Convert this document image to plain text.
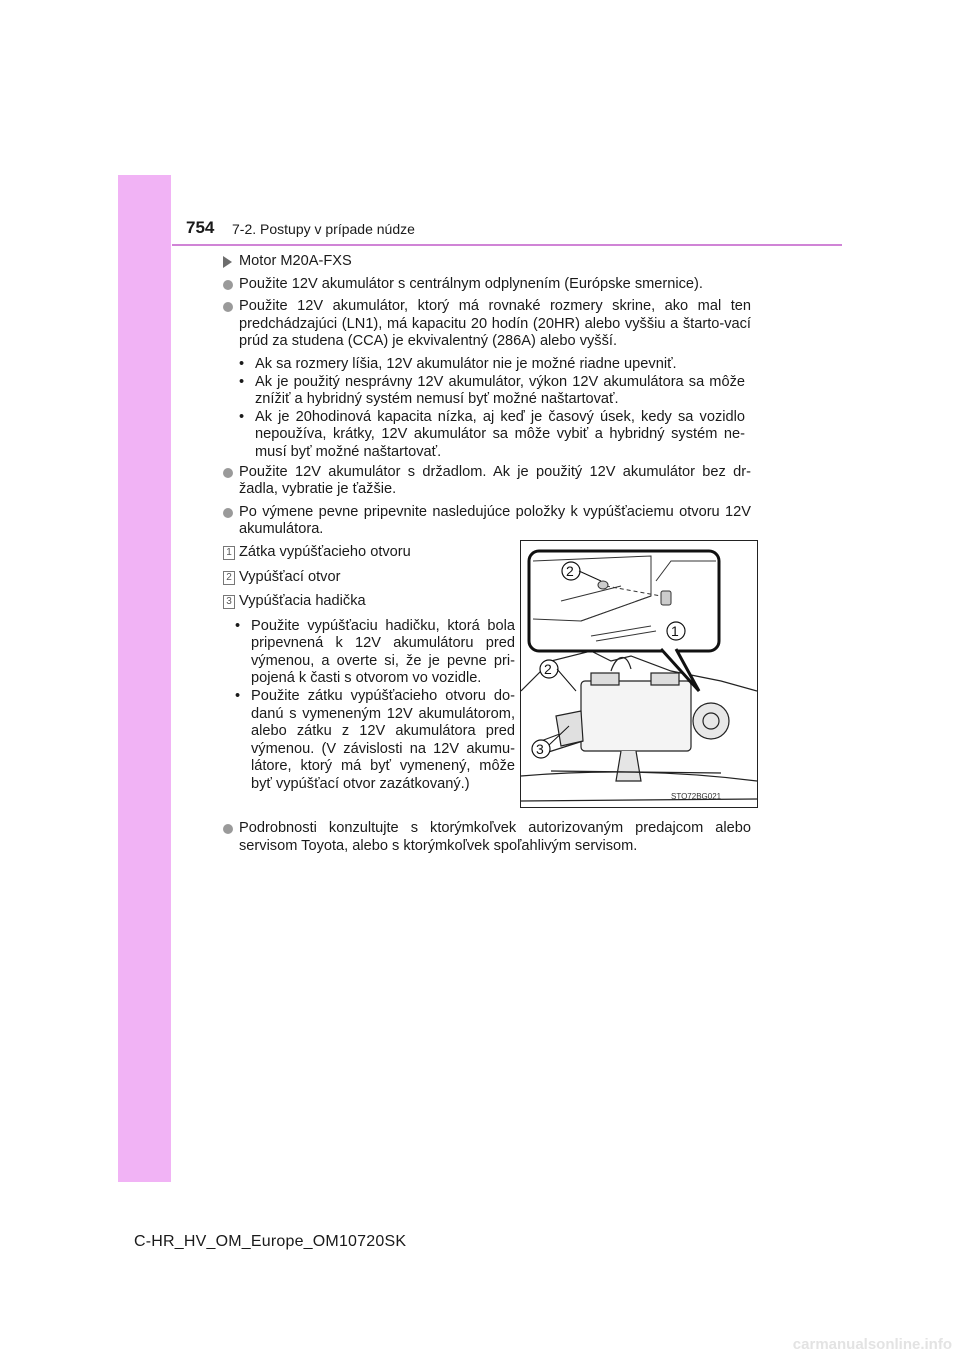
754 7-2. Postupy v prípade núdze
Motor M20A-FXS
Použite 12V akumulátor s centrálnym odplynením (Európske smernice).
Použite 12V akumulátor, ktorý má rovnaké rozmery skrine, ako mal ten predchádzajúci (LN1), má kapacitu 20 hodín (20HR) alebo vyššiu a štarto-vací prúd za studena (CCA) je ekvivalentný (286A) alebo vyšší.
• Ak sa rozmery líšia, 12V akumulátor nie je možné riadne upevniť.
• Ak je použitý nesprávny 12V akumulátor, výkon 12V akumulátora sa môže znížiť a hybridný systém nemusí byť možné naštartovať.
• Ak je 20hodinová kapacita nízka, aj keď je časový úsek, kedy sa vozidlo nepoužíva, krátky, 12V akumulátor sa môže vybiť a hybridný systém ne-musí byť možné naštartovať.
Použite 12V akumulátor s držadlom. Ak je použitý 12V akumulátor bez dr-žadla, vybratie je ťažšie.
Po výmene pevne pripevnite nasledujúce položky k vypúšťaciemu otvoru 12V akumulátora.
1 Zátka vypúšťacieho otvoru
2 Vypúšťací otvor
3 Vypúšťacia hadička
• Použite vypúšťaciu hadičku, ktorá bola pripevnená k 12V akumulátoru pred výmenou, a overte si, že je pevne pri-pojená k časti s otvorom vo vozidle.
• Použite zátku vypúšťacieho otvoru do-danú s vymeneným 12V akumulátorom, alebo zátku z 12V akumulátora pred výmenou. (V závislosti na 12V akumu-látore, ktorý má byť vymenený, môže byť vypúšťací otvor zazátkovaný.)
2
1
2
3
STO72BG021
Podrobnosti konzultujte s ktorýmkoľvek autorizovaným predajcom alebo servisom Toyota, alebo s ktorýmkoľvek spoľahlivým servisom.
C-HR_HV_OM_Europe_OM10720SK
carmanualsonline.info
